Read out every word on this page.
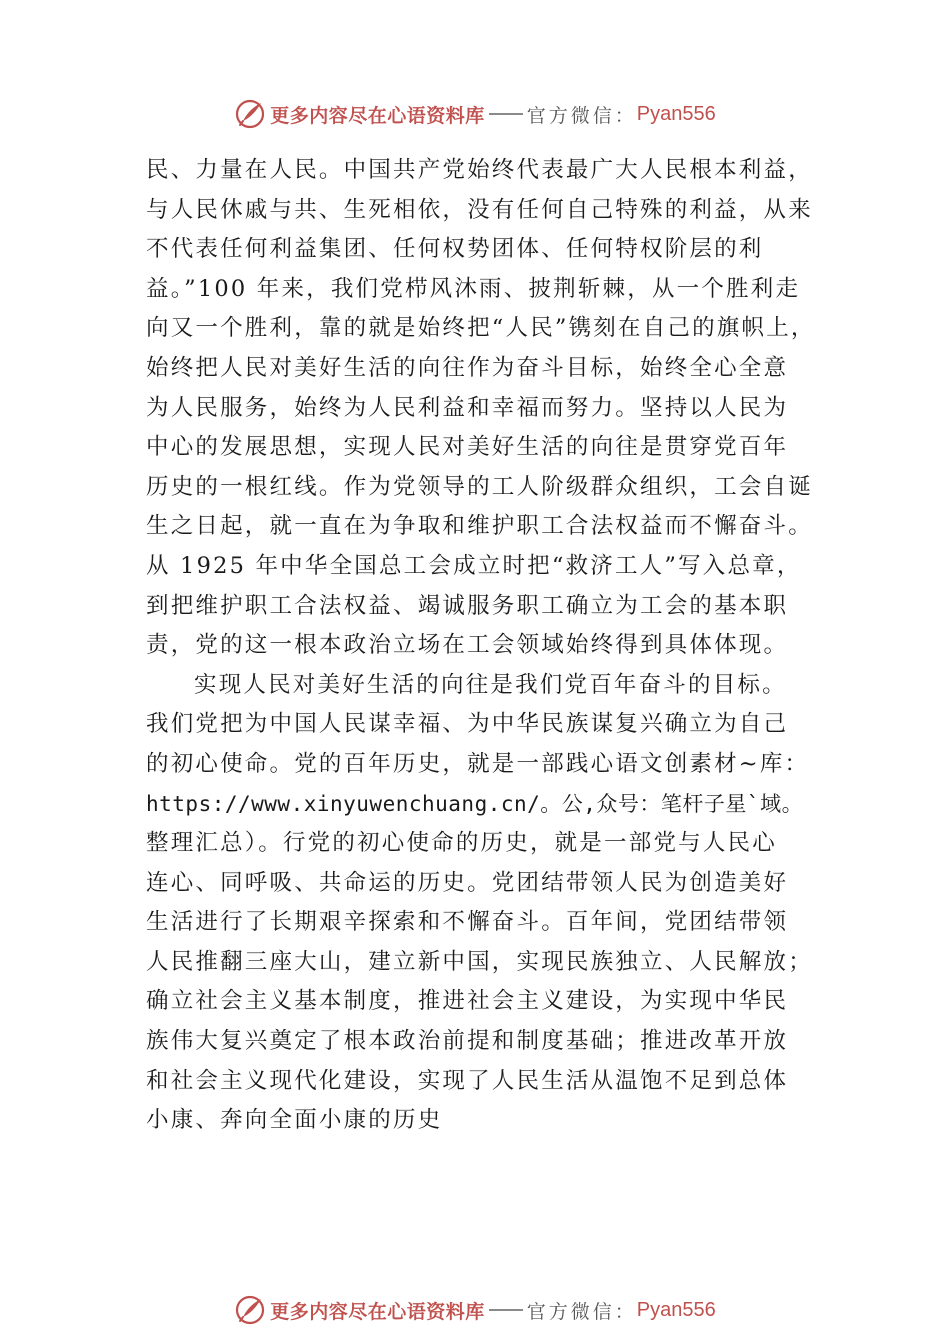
更多内容尽在心语资料库 官方微信： Pyan556
民、力量在人民。中国共产党始终代表最广大人民根本利益，
与人民休戚与共、生死相依，没有任何自己特殊的利益，从来
不代表任何利益集团、任何权势团体、任何特权阶层的利
益。”100 年来，我们党栉风沐雨、披荆斩棘，从一个胜利走
向又一个胜利，靠的就是始终把“人民”镌刻在自己的旗帜上，
始终把人民对美好生活的向往作为奋斗目标，始终全心全意
为人民服务，始终为人民利益和幸福而努力。坚持以人民为
中心的发展思想，实现人民对美好生活的向往是贯穿党百年
历史的一根红线。作为党领导的工人阶级群众组织，工会自诞
生之日起，就一直在为争取和维护职工合法权益而不懈奋斗。
从 1925 年中华全国总工会成立时把“救济工人”写入总章，
到把维护职工合法权益、竭诚服务职工确立为工会的基本职
责，党的这一根本政治立场在工会领域始终得到具体体现。
实现人民对美好生活的向往是我们党百年奋斗的目标。
我们党把为中国人民谋幸福、为中华民族谋复兴确立为自己
的初心使命。党的百年历史，就是一部践心语文创素材~库：
https://www.xinyuwenchuang.cn/。公,众号：笔杆子星`域。
整理汇总）。行党的初心使命的历史，就是一部党与人民心
连心、同呼吸、共命运的历史。党团结带领人民为创造美好
生活进行了长期艰辛探索和不懈奋斗。百年间，党团结带领
人民推翻三座大山，建立新中国，实现民族独立、人民解放；
确立社会主义基本制度，推进社会主义建设，为实现中华民
族伟大复兴奠定了根本政治前提和制度基础；推进改革开放
和社会主义现代化建设，实现了人民生活从温饱不足到总体
小康、奔向全面小康的历史
更多内容尽在心语资料库 官方微信： Pyan556
